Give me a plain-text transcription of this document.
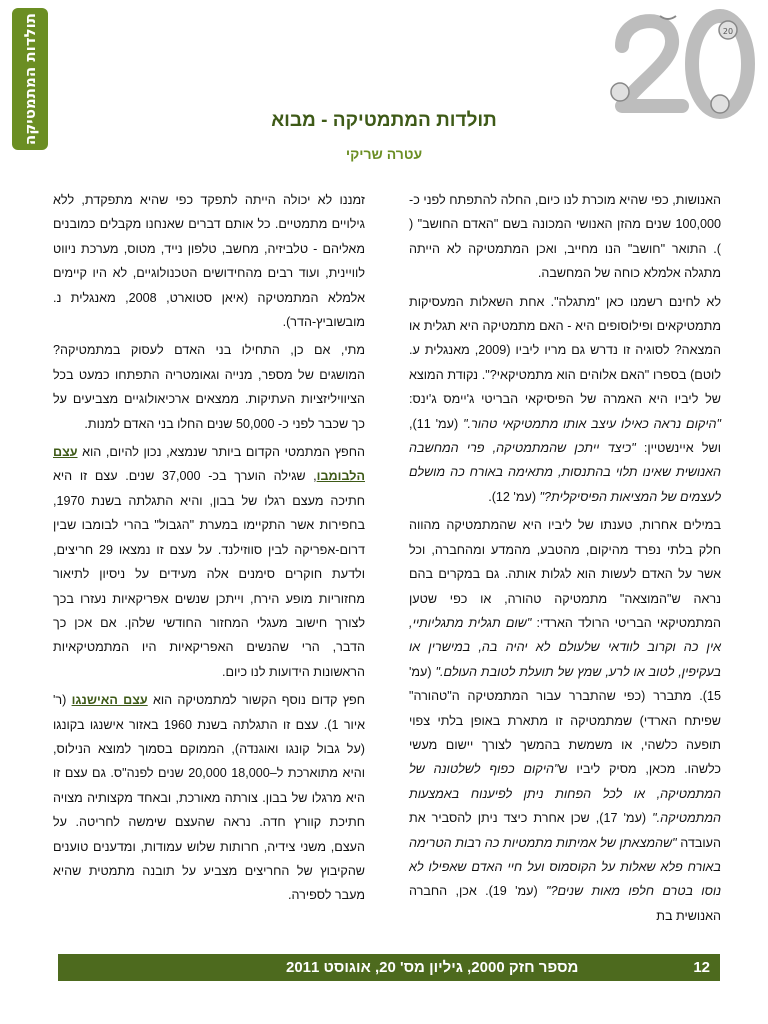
תולדות המתמטיקה	20
תולדות המתמטיקה - מבוא
עטרה שריקי

האנושות, כפי שהיא מוכרת לנו כיום, החלה להתפתח לפני כ- 100,000 שנים מהזן האנושי המכונה בשם "האדם החושב" ( ). התואר "חושב" הנו מחייב, ואכן המתמטיקה לא הייתה מתגלה אלמלא כוחה של המחשבה.

לא לחינם רשמנו כאן "מתגלה". אחת השאלות המעסיקות מתמטיקאים ופילוסופים היא - האם מתמטיקה היא תגלית או המצאה? לסוגיה זו נדרש גם מריו ליביו (2009, מאנגלית ע. לוטם) בספרו "האם אלוהים הוא מתמטיקאי?". נקודת המוצא של ליביו היא האמרה של הפיסיקאי הבריטי ג'יימס ג'ינס: "היקום נראה כאילו עיצב אותו מתמטיקאי טהור." (עמ' 11), ושל איינשטיין: "כיצד ייתכן שהמתמטיקה, פרי המחשבה האנושית שאינו תלוי בהתנסות, מתאימה באורח כה מושלם לעצמים של המציאות הפיסיקלית?" (עמ' 12).

במילים אחרות, טענתו של ליביו היא שהמתמטיקה מהווה חלק בלתי נפרד מהיקום, מהטבע, מהמדע ומהחברה, וכל אשר על האדם לעשות הוא לגלות אותה. גם במקרים בהם נראה ש"המוצאה" מתמטיקה טהורה, או כפי שטען המתמטיקאי הבריטי הרולד הארדי: "שום תגלית מתגליותיי, אין כה וקרוב לוודאי שלעולם לא יהיה בה, במישרין או בעקיפין, לטוב או לרע, שמץ של תועלת לטובת העולם." (עמ' 15). מתברר (כפי שהתברר עבור המתמטיקה ה"טהורה" שפיתח הארדי) שמתמטיקה זו מתארת באופן בלתי צפוי תופעה כלשהי, או משמשת בהמשך לצורך יישום מעשי כלשהו. מכאן, מסיק ליביו ש"היקום כפוף לשלטונה של המתמטיקה, או לכל הפחות ניתן לפיענוח באמצעות המתמטיקה." (עמ' 17), שכן אחרת כיצד ניתן להסביר את העובדה "שהמצאתן של אמיתות מתמטיות כה רבות הטרימה באורח פלא שאלות על הקוסמוס ועל חיי האדם שאפילו לא נוסו בטרם חלפו מאות שנים?" (עמ' 19). אכן, החברה האנושית בת

זמננו לא יכולה הייתה לתפקד כפי שהיא מתפקדת, ללא גילויים מתמטיים. כל אותם דברים שאנחנו מקבלים כמובנים מאליהם - טלביזיה, מחשב, טלפון נייד, מטוס, מערכת ניווט לוויינית, ועוד רבים מהחידושים הטכנולוגיים, לא היו קיימים אלמלא המתמטיקה (איאן סטוארט, 2008, מאנגלית נ. מובשוביץ-הדר).

מתי, אם כן, התחילו בני האדם לעסוק במתמטיקה? המושגים של מספר, מנייה וגאומטריה התפתחו כמעט בכל הציוויליזציות העתיקות. ממצאים ארכיאולוגיים מצביעים על כך שכבר לפני כ- 50,000 שנים החלו בני האדם למנות.

החפץ המתמטי הקדום ביותר שנמצא, נכון להיום, הוא עצם הלבומבו, שגילה הוערך בכ- 37,000 שנים. עצם זו היא חתיכה מעצם רגלו של בבון, והיא התגלתה בשנת 1970, בחפירות אשר התקיימו במערת "הגבול" בהרי לבומבו שבין דרום-אפריקה לבין סווזילנד. על עצם זו נמצאו 29 חריצים, ולדעת חוקרים סימנים אלה מעידים על ניסיון לתיאור מחזוריות מופע הירח, וייתכן שנשים אפריקאיות נעזרו בכך לצורך חישוב מעגלי המחזור החודשי שלהן. אם אכן כך הדבר, הרי שהנשים האפריקאיות היו המתמטיקאיות הראשונות הידועות לנו כיום.

חפץ קדום נוסף הקשור למתמטיקה הוא עצם האישנגו (ר' איור 1). עצם זו התגלתה בשנת 1960 באזור אישנגו בקונגו (על גבול קונגו ואוגנדה), הממוקם בסמוך למוצא הנילוס, והיא מתוארכת ל–18,000 20,000 שנים לפנה"ס. גם עצם זו היא מרגלו של בבון. צורתה מאורכת, ובאחד מקצותיה מצויה חתיכת קוורץ חדה. נראה שהעצם שימשה לחריטה. על העצם, משני צידיה, חרותות שלוש עמודות, ומדענים טוענים שהקיבוץ של החריצים מצביע על תובנה מתמטית שהיא מעבר לספירה.

מספר חזק 2000, גיליון מס' 20, אוגוסט 2011	12
